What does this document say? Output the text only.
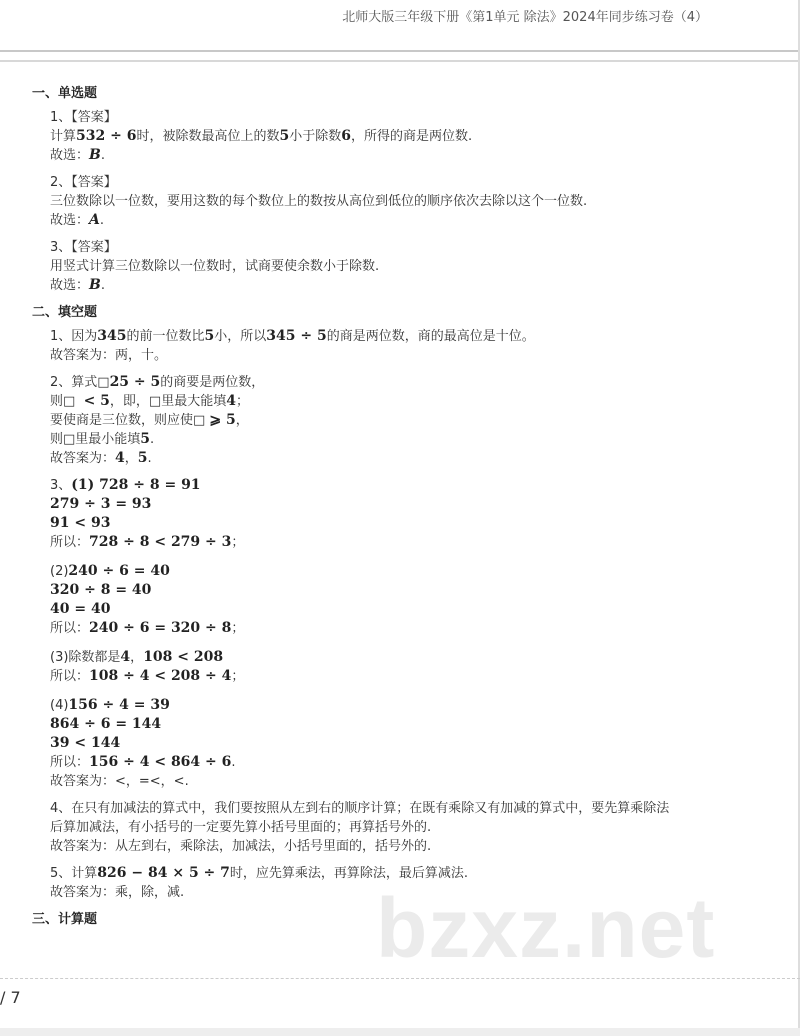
北师大版三年级下册《第1单元 除法》2024年同步练习卷（4）
一、单选题
1、【答案】
计算532 ÷ 6时，被除数最高位上的数5小于除数6，所得的商是两位数.
故选：B.
2、【答案】
三位数除以一位数，要用这数的每个数位上的数按从高位到低位的顺序依次去除以这个一位数.
故选：A.
3、【答案】
用竖式计算三位数除以一位数时，试商要使余数小于除数.
故选：B.
二、填空题
1、因为345的前一位数比5小，所以345 ÷ 5的商是两位数，商的最高位是十位。
故答案为：两，十。
2、算式□25 ÷ 5的商要是两位数，
则□  < 5，即，□里最大能填4；
要使商是三位数，则应使□ ⩾ 5，
则□里最小能填5.
故答案为：4，5.
3、(1) 728 ÷ 8 = 91
279 ÷ 3 = 93
91 < 93
所以：728 ÷ 8 < 279 ÷ 3；
(2)240 ÷ 6 = 40
320 ÷ 8 = 40
40 = 40
所以：240 ÷ 6 = 320 ÷ 8；
(3)除数都是4，108 < 208
所以：108 ÷ 4 < 208 ÷ 4；
(4)156 ÷ 4 = 39
864 ÷ 6 = 144
39 < 144
所以：156 ÷ 4 < 864 ÷ 6.
故答案为：<，=<，<.
4、在只有加减法的算式中，我们要按照从左到右的顺序计算；在既有乘除又有加减的算式中，要先算乘除法
后算加减法，有小括号的一定要先算小括号里面的；再算括号外的.
故答案为：从左到右，乘除法，加减法，小括号里面的，括号外的.
5、计算826 − 84 × 5 ÷ 7时，应先算乘法，再算除法，最后算减法.
故答案为：乘，除，减.
三、计算题	bzxz.net
/ 7
